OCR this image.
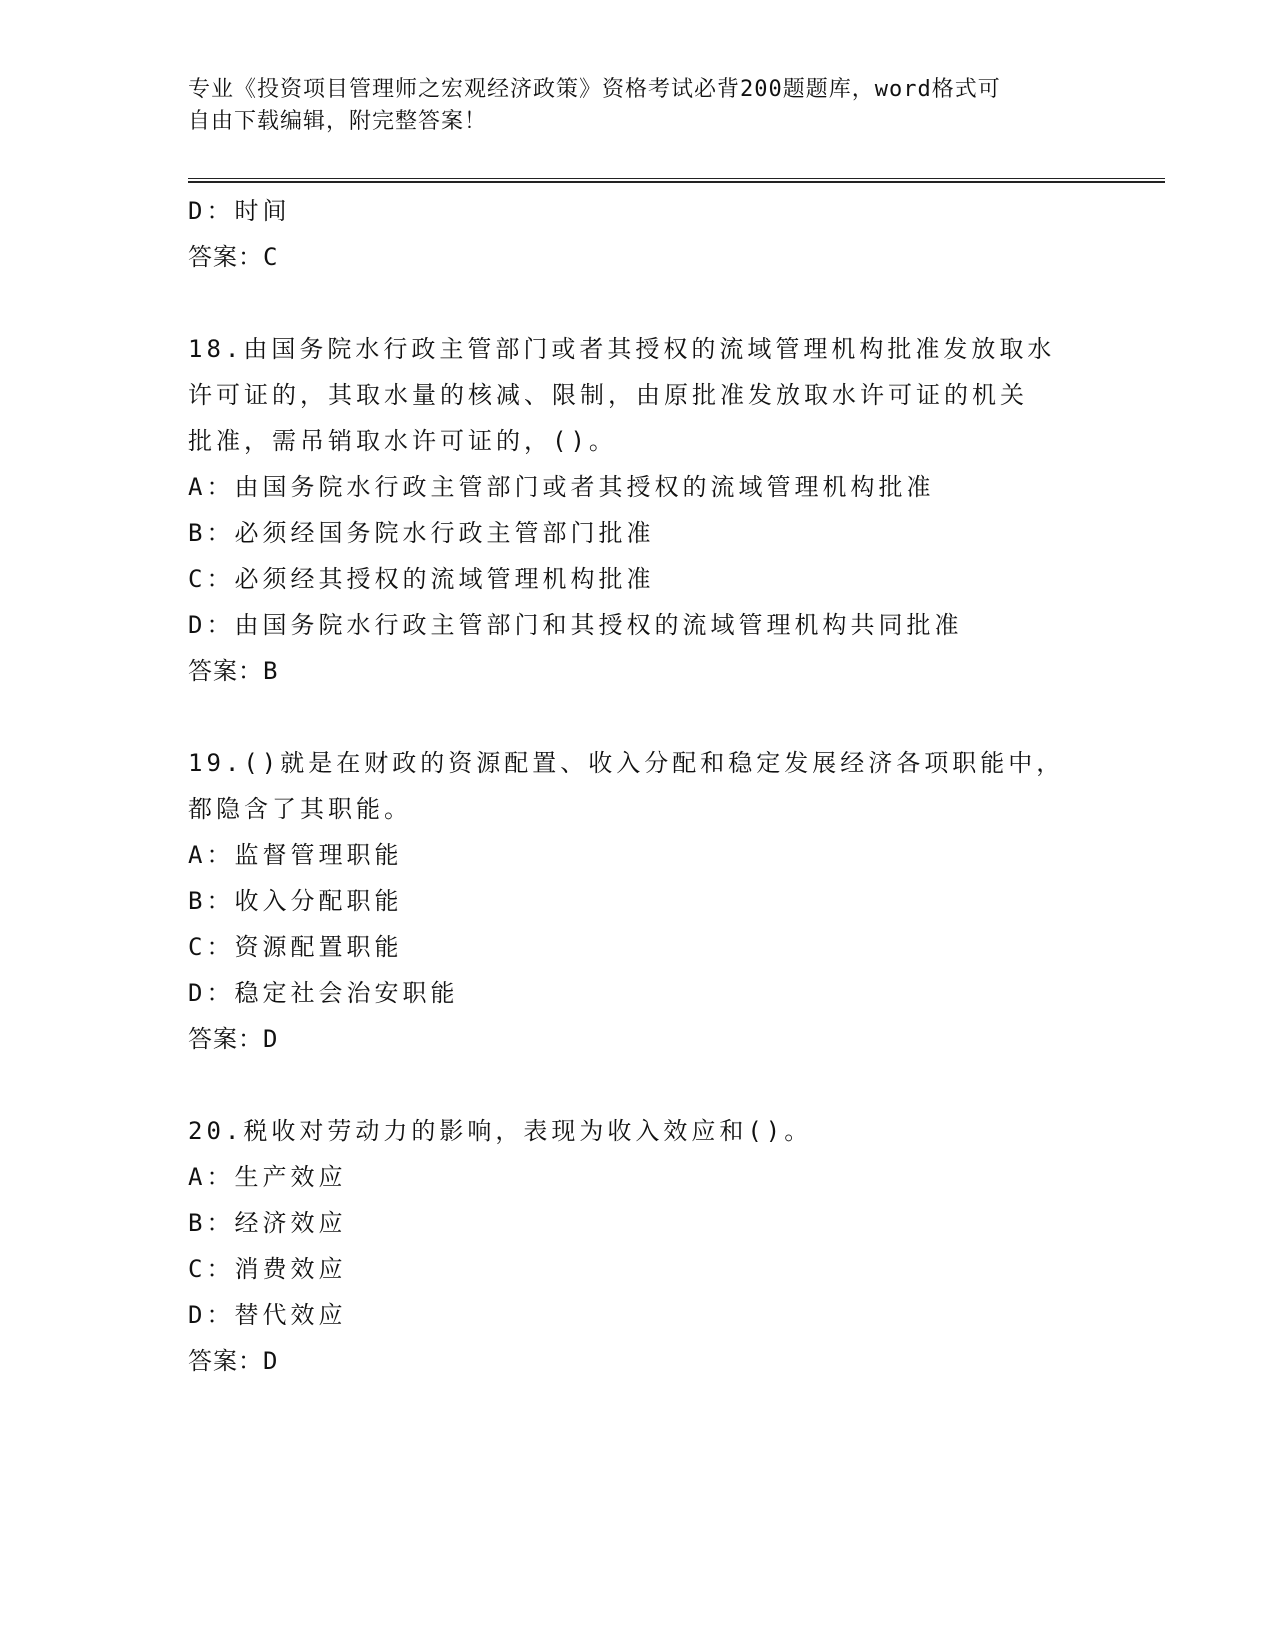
专业《投资项目管理师之宏观经济政策》资格考试必背200题题库，word格式可
自由下载编辑，附完整答案！
D：时间
答案：C
18.由国务院水行政主管部门或者其授权的流域管理机构批准发放取水
许可证的，其取水量的核减、限制，由原批准发放取水许可证的机关
批准，需吊销取水许可证的，()。
A：由国务院水行政主管部门或者其授权的流域管理机构批准
B：必须经国务院水行政主管部门批准
C：必须经其授权的流域管理机构批准
D：由国务院水行政主管部门和其授权的流域管理机构共同批准
答案：B
19.()就是在财政的资源配置、收入分配和稳定发展经济各项职能中，
都隐含了其职能。
A：监督管理职能
B：收入分配职能
C：资源配置职能
D：稳定社会治安职能
答案：D
20.税收对劳动力的影响，表现为收入效应和()。
A：生产效应
B：经济效应
C：消费效应
D：替代效应
答案：D
